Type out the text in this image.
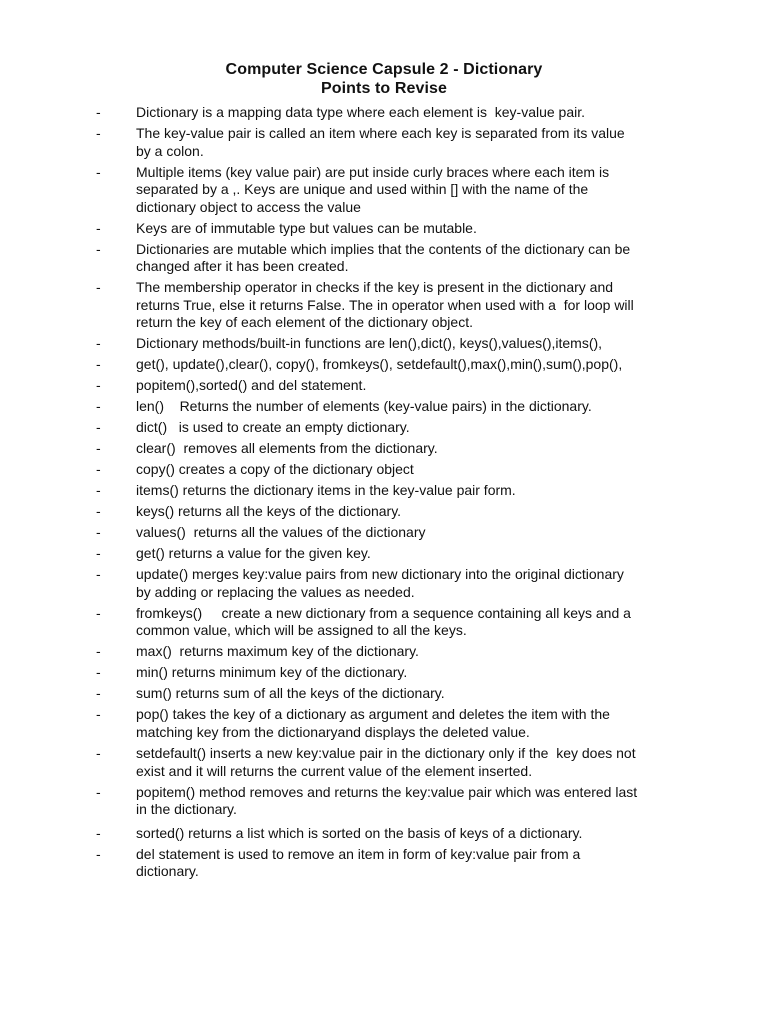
Computer Science Capsule 2 - Dictionary
Points to Revise
-	Dictionary is a mapping data type where each element is  key-value pair.
-	The key-value pair is called an item where each key is separated from its value
by a colon.
-	Multiple items (key value pair) are put inside curly braces where each item is
separated by a ,. Keys are unique and used within [] with the name of the
dictionary object to access the value
-	Keys are of immutable type but values can be mutable.
-	Dictionaries are mutable which implies that the contents of the dictionary can be
changed after it has been created.
-	The membership operator in checks if the key is present in the dictionary and
returns True, else it returns False. The in operator when used with a  for loop will
return the key of each element of the dictionary object.
-	Dictionary methods/built-in functions are len(),dict(), keys(),values(),items(),
-	get(), update(),clear(), copy(), fromkeys(), setdefault(),max(),min(),sum(),pop(),
-	popitem(),sorted() and del statement.
-	len()    Returns the number of elements (key-value pairs) in the dictionary.
-	dict()   is used to create an empty dictionary.
-	clear()  removes all elements from the dictionary.
-	copy() creates a copy of the dictionary object
-	items() returns the dictionary items in the key-value pair form.
-	keys() returns all the keys of the dictionary.
-	values()  returns all the values of the dictionary
-	get() returns a value for the given key.
-	update() merges key:value pairs from new dictionary into the original dictionary
by adding or replacing the values as needed.
-	fromkeys()     create a new dictionary from a sequence containing all keys and a
common value, which will be assigned to all the keys.
-	max()  returns maximum key of the dictionary.
-	min() returns minimum key of the dictionary.
-	sum() returns sum of all the keys of the dictionary.
-	pop() takes the key of a dictionary as argument and deletes the item with the
matching key from the dictionaryand displays the deleted value.
-	setdefault() inserts a new key:value pair in the dictionary only if the  key does not
exist and it will returns the current value of the element inserted.
-	popitem() method removes and returns the key:value pair which was entered last
in the dictionary.
-	sorted() returns a list which is sorted on the basis of keys of a dictionary.
-	del statement is used to remove an item in form of key:value pair from a
dictionary.
